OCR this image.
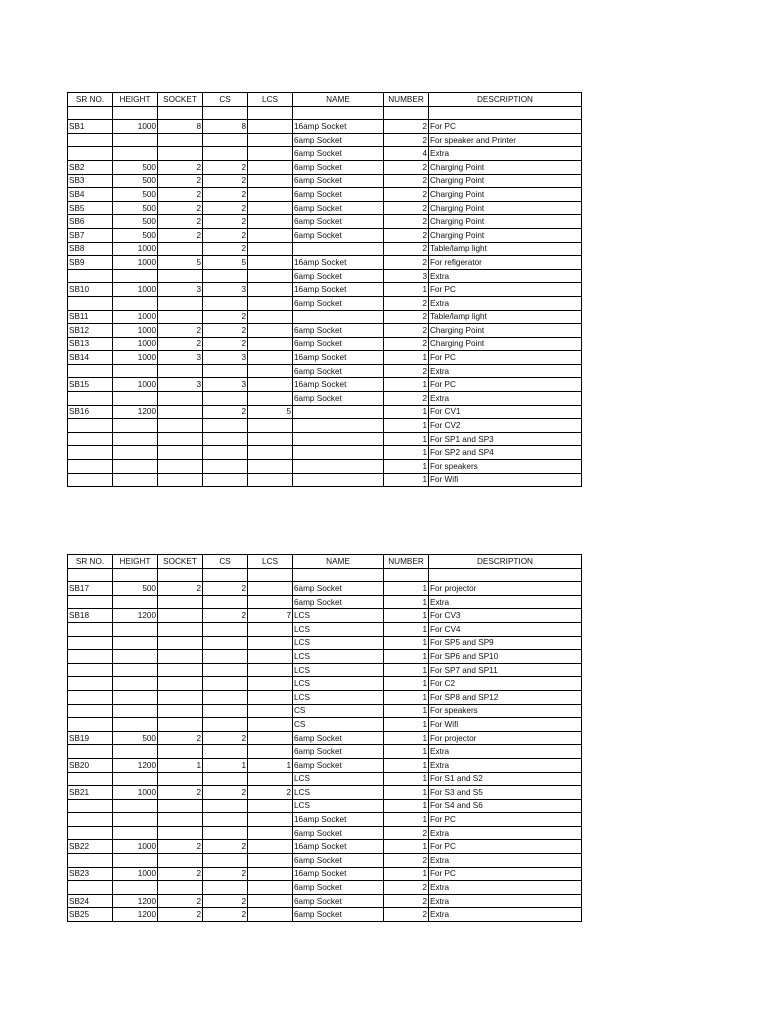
SR NO.	HEIGHT	SOCKET	CS	LCS	NAME	NUMBER	DESCRIPTION

SB1	1000	8	8		16amp Socket	2	For PC
					6amp Socket	2	For speaker and Printer
					6amp Socket	4	Extra
SB2	500	2	2		6amp Socket	2	Charging Point
SB3	500	2	2		6amp Socket	2	Charging Point
SB4	500	2	2		6amp Socket	2	Charging Point
SB5	500	2	2		6amp Socket	2	Charging Point
SB6	500	2	2		6amp Socket	2	Charging Point
SB7	500	2	2		6amp Socket	2	Charging Point
SB8	1000		2			2	Table/lamp light
SB9	1000	5	5		16amp Socket	2	For refigerator
					6amp Socket	3	Extra
SB10	1000	3	3		16amp Socket	1	For PC
					6amp Socket	2	Extra
SB11	1000		2			2	Table/lamp light
SB12	1000	2	2		6amp Socket	2	Charging Point
SB13	1000	2	2		6amp Socket	2	Charging Point
SB14	1000	3	3		16amp Socket	1	For PC
					6amp Socket	2	Extra
SB15	1000	3	3		16amp Socket	1	For PC
					6amp Socket	2	Extra
SB16	1200		2	5		1	For CV1
						1	For CV2
						1	For SP1 and SP3
						1	For SP2 and SP4
						1	For speakers
						1	For Wifi
SR NO.	HEIGHT	SOCKET	CS	LCS	NAME	NUMBER	DESCRIPTION

SB17	500	2	2		6amp Socket	1	For projector
					6amp Socket	1	Extra
SB18	1200		2	7	LCS	1	For CV3
					LCS	1	For CV4
					LCS	1	For SP5 and SP9
					LCS	1	For SP6 and SP10
					LCS	1	For SP7 and SP11
					LCS	1	For C2
					LCS	1	For SP8 and SP12
					CS	1	For speakers
					CS	1	For Wifi
SB19	500	2	2		6amp Socket	1	For projector
					6amp Socket	1	Extra
SB20	1200	1	1	1	6amp Socket	1	Extra
					LCS	1	For S1 and S2
SB21	1000	2	2	2	LCS	1	For S3 and S5
					LCS	1	For S4 and S6
					16amp Socket	1	For PC
					6amp Socket	2	Extra
SB22	1000	2	2		16amp Socket	1	For PC
					6amp Socket	2	Extra
SB23	1000	2	2		16amp Socket	1	For PC
					6amp Socket	2	Extra
SB24	1200	2	2		6amp Socket	2	Extra
SB25	1200	2	2		6amp Socket	2	Extra
